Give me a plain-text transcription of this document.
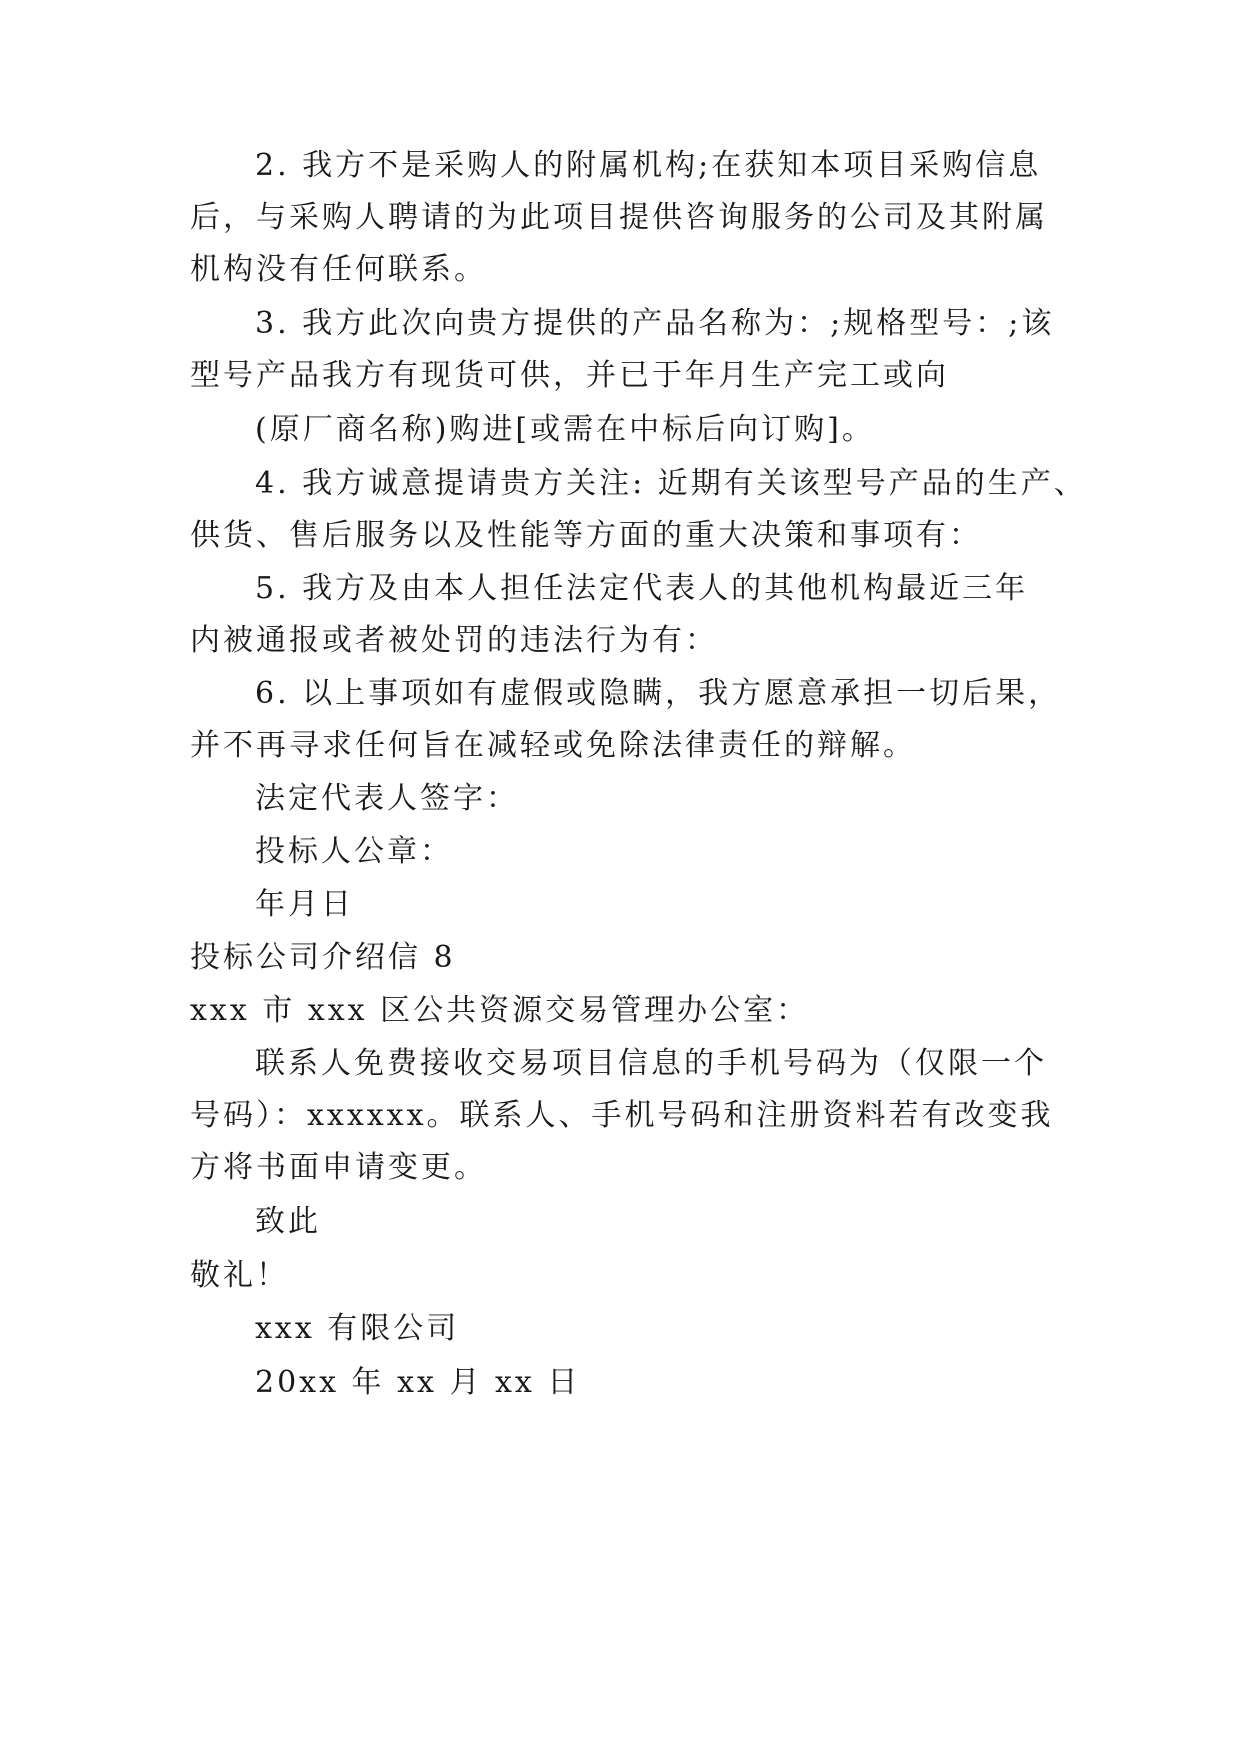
2. 我方不是采购人的附属机构;在获知本项目采购信息
后，与采购人聘请的为此项目提供咨询服务的公司及其附属
机构没有任何联系。
3. 我方此次向贵方提供的产品名称为：;规格型号：;该
型号产品我方有现货可供，并已于年月生产完工或向
(原厂商名称)购进[或需在中标后向订购]。
4. 我方诚意提请贵方关注: 近期有关该型号产品的生产、
供货、售后服务以及性能等方面的重大决策和事项有：
5. 我方及由本人担任法定代表人的其他机构最近三年
内被通报或者被处罚的违法行为有：
6. 以上事项如有虚假或隐瞒，我方愿意承担一切后果，
并不再寻求任何旨在减轻或免除法律责任的辩解。
法定代表人签字：
投标人公章：
年月日
投标公司介绍信 8
xxx 市 xxx 区公共资源交易管理办公室：
联系人免费接收交易项目信息的手机号码为（仅限一个
号码）：xxxxxx。联系人、手机号码和注册资料若有改变我
方将书面申请变更。
致此
敬礼！
xxx 有限公司
20xx 年 xx 月 xx 日
